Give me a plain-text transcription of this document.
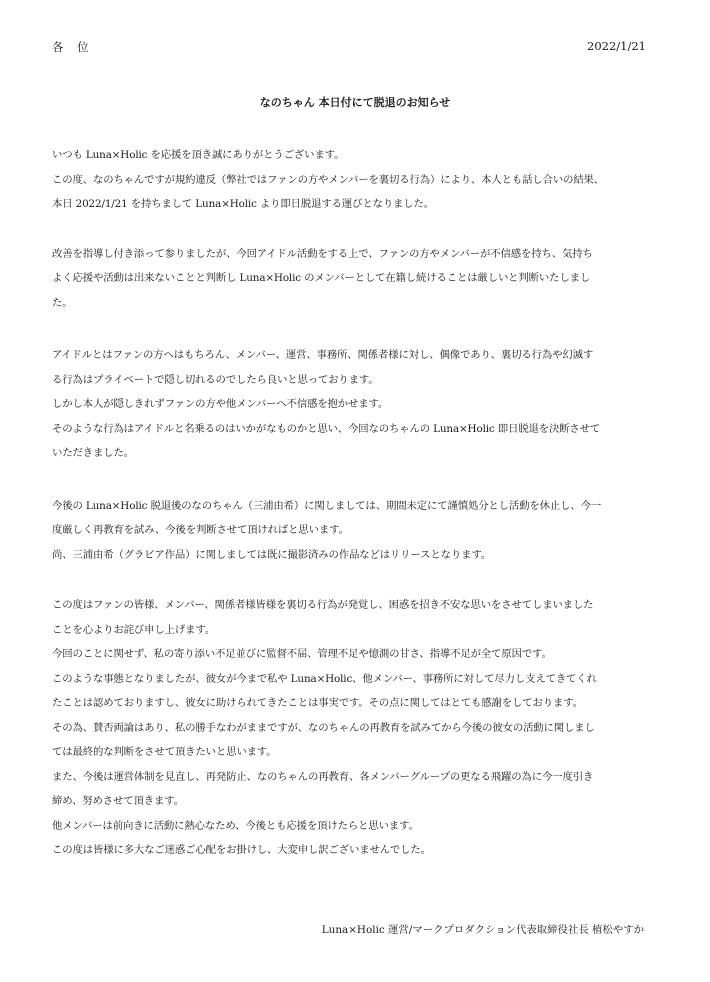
各 位	2022/1/21
なのちゃん 本日付にて脱退のお知らせ
いつも Luna×Holic を応援を頂き誠にありがとうございます。
この度、なのちゃんですが規約違反（弊社ではファンの方やメンバーを裏切る行為）により、本人とも話し合いの結果、
本日 2022/1/21 を持ちまして Luna×Holic より即日脱退する運びとなりました。
改善を指導し付き添って参りましたが、今回アイドル活動をする上で、ファンの方やメンバーが不信感を持ち、気持ち
よく応援や活動は出来ないことと判断し Luna×Holic のメンバーとして在籍し続けることは厳しいと判断いたしまし
た。
アイドルとはファンの方へはもちろん、メンバー、運営、事務所、関係者様に対し、偶像であり、裏切る行為や幻滅す
る行為はプライベートで隠し切れるのでしたら良いと思っております。
しかし本人が隠しきれずファンの方や他メンバーへ不信感を抱かせます。
そのような行為はアイドルと名乗るのはいかがなものかと思い、今回なのちゃんの Luna×Holic 即日脱退を決断させて
いただきました。
今後の Luna×Holic 脱退後のなのちゃん（三浦由希）に関しましては、期間未定にて謹慎処分とし活動を休止し、今一
度厳しく再教育を試み、今後を判断させて頂ければと思います。
尚、三浦由希（グラビア作品）に関しましては既に撮影済みの作品などはリリースとなります。
この度はファンの皆様、メンバー、関係者様皆様を裏切る行為が発覚し、困惑を招き不安な思いをさせてしまいました
ことを心よりお詫び申し上げます。
今回のことに関せず、私の寄り添い不足並びに監督不届、管理不足や憶測の甘さ、指導不足が全て原因です。
このような事態となりましたが、彼女が今まで私や Luna×Holic、他メンバー、事務所に対して尽力し支えてきてくれ
たことは認めておりますし、彼女に助けられてきたことは事実です。その点に関してはとても感謝をしております。
その為、賛否両論はあり、私の勝手なわがままですが、なのちゃんの再教育を試みてから今後の彼女の活動に関しまし
ては最終的な判断をさせて頂きたいと思います。
また、今後は運営体制を見直し、再発防止、なのちゃんの再教育、各メンバーグループの更なる飛躍の為に今一度引き
締め、努めさせて頂きます。
他メンバーは前向きに活動に熱心なため、今後とも応援を頂けたらと思います。
この度は皆様に多大なご迷惑ご心配をお掛けし、大変申し訳ございませんでした。
Luna×Holic 運営/マークプロダクション代表取締役社長 植松やすか
